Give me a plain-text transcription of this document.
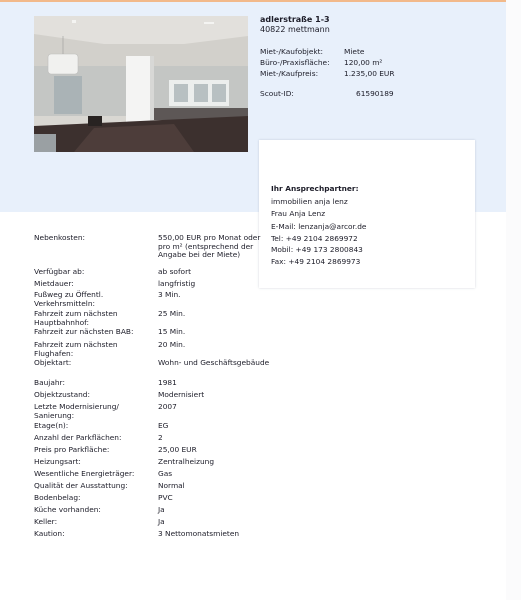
adlerstraße 1-3
40822 mettmann
Miet-/Kaufobjekt:	Miete
Büro-/Praxisfläche: 120,00 m²
Miet-/Kaufpreis:	1.235,00 EUR
Scout-ID:	61590189
Ihr Ansprechpartner:
immobilien anja lenz
Frau Anja Lenz
E-Mail: lenzanja@arcor.de
Tel: +49 2104 2869972
Mobil: +49 173 2800843
Fax: +49 2104 2869973
Nebenkosten:	550,00 EUR pro Monat oder pro m² (entsprechend der Angabe bei der Miete)
Verfügbar ab:	ab sofort
Mietdauer:	langfristig
Fußweg zu Öffentl. Verkehrsmitteln:
3 Min.
Fahrzeit zum nächsten Hauptbahnhof:
25 Min.
Fahrzeit zur nächsten BAB:	15 Min.
Fahrzeit zum nächsten Flughafen:
20 Min.
Objektart:	Wohn- und Geschäftsgebäude
Baujahr:	1981
Objektzustand:	Modernisiert
Letzte Modernisierung/ Sanierung:
2007
Etage(n):	EG
Anzahl der Parkflächen:	2
Preis pro Parkfläche:	25,00 EUR
Heizungsart:	Zentralheizung
Wesentliche Energieträger:	Gas
Qualität der Ausstattung:	Normal
Bodenbelag:	PVC
Küche vorhanden:	Ja
Keller:	Ja
Kaution:	3 Nettomonatsmieten
